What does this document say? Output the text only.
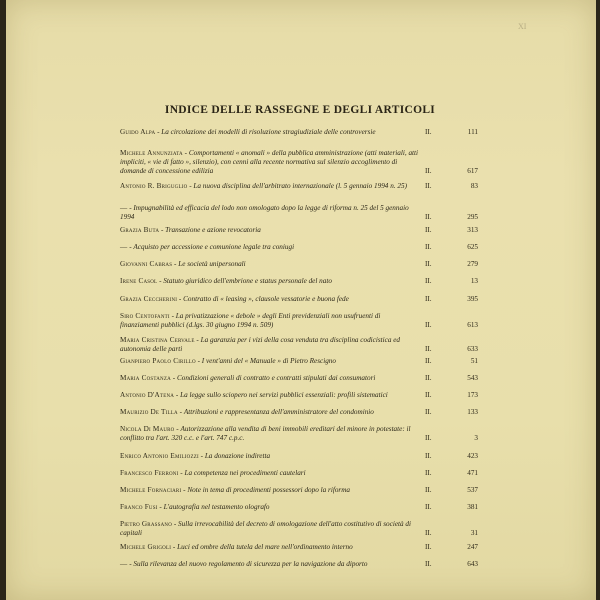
XI
INDICE DELLE RASSEGNE E DEGLI ARTICOLI
Guido Alpa - La circolazione dei modelli di risoluzione stragiudiziale delle controversie	II.	111
Michele Annunziata - Comportamenti « anomali » della pubblica amministrazione (atti materiali, atti impliciti, « vie di fatto », silenzio), con cenni alla recente normativa sul silenzio accoglimento di domande di concessione edilizia	II.	617
Antonio R. Briguglio - La nuova disciplina dell'arbitrato internazionale (l. 5 gennaio 1994 n. 25)	II.	83
— - Impugnabilità ed efficacia del lodo non omologato dopo la legge di riforma n. 25 del 5 gennaio 1994	II.	295
Grazia Buta - Transazione e azione revocatoria	II.	313
— - Acquisto per accessione e comunione legale tra coniugi	II.	625
Giovanni Cabras - Le società unipersonali	II.	279
Irene Casol - Statuto giuridico dell'embrione e status personale del nato	II.	13
Grazia Ceccherini - Contratto di « leasing », clausole vessatorie e buona fede	II.	395
Siro Centofanti - La privatizzazione « debole » degli Enti previdenziali non usufruenti di finanziamenti pubblici (d.lgs. 30 giugno 1994 n. 509)	II.	613
Maria Cristina Cervale - La garanzia per i vizi della cosa venduta tra disciplina codicistica ed autonomia delle parti	II.	633
Gianpiero Paolo Cirillo - I vent'anni del « Manuale » di Pietro Rescigno	II.	51
Maria Costanza - Condizioni generali di contratto e contratti stipulati dai consumatori	II.	543
Antonio D'Atena - La legge sullo sciopero nei servizi pubblici essenziali: profili sistematici	II.	173
Maurizio De Tilla - Attribuzioni e rappresentanza dell'amministratore del condominio	II.	133
Nicola Di Mauro - Autorizzazione alla vendita di beni immobili ereditari del minore in potestate: il conflitto tra l'art. 320 c.c. e l'art. 747 c.p.c.	II.	3
Enrico Antonio Emiliozzi - La donazione indiretta	II.	423
Francesco Ferroni - La competenza nei procedimenti cautelari	II.	471
Michele Fornaciari - Note in tema di procedimenti possessori dopo la riforma	II.	537
Franco Fusi - L'autografia nel testamento olografo	II.	381
Pietro Grassano - Sulla irrevocabilità del decreto di omologazione dell'atto costitutivo di società di capitali	II.	31
Michele Grigoli - Luci ed ombre della tutela del mare nell'ordinamento interno	II.	247
— - Sulla rilevanza del nuovo regolamento di sicurezza per la navigazione da diporto	II.	643
